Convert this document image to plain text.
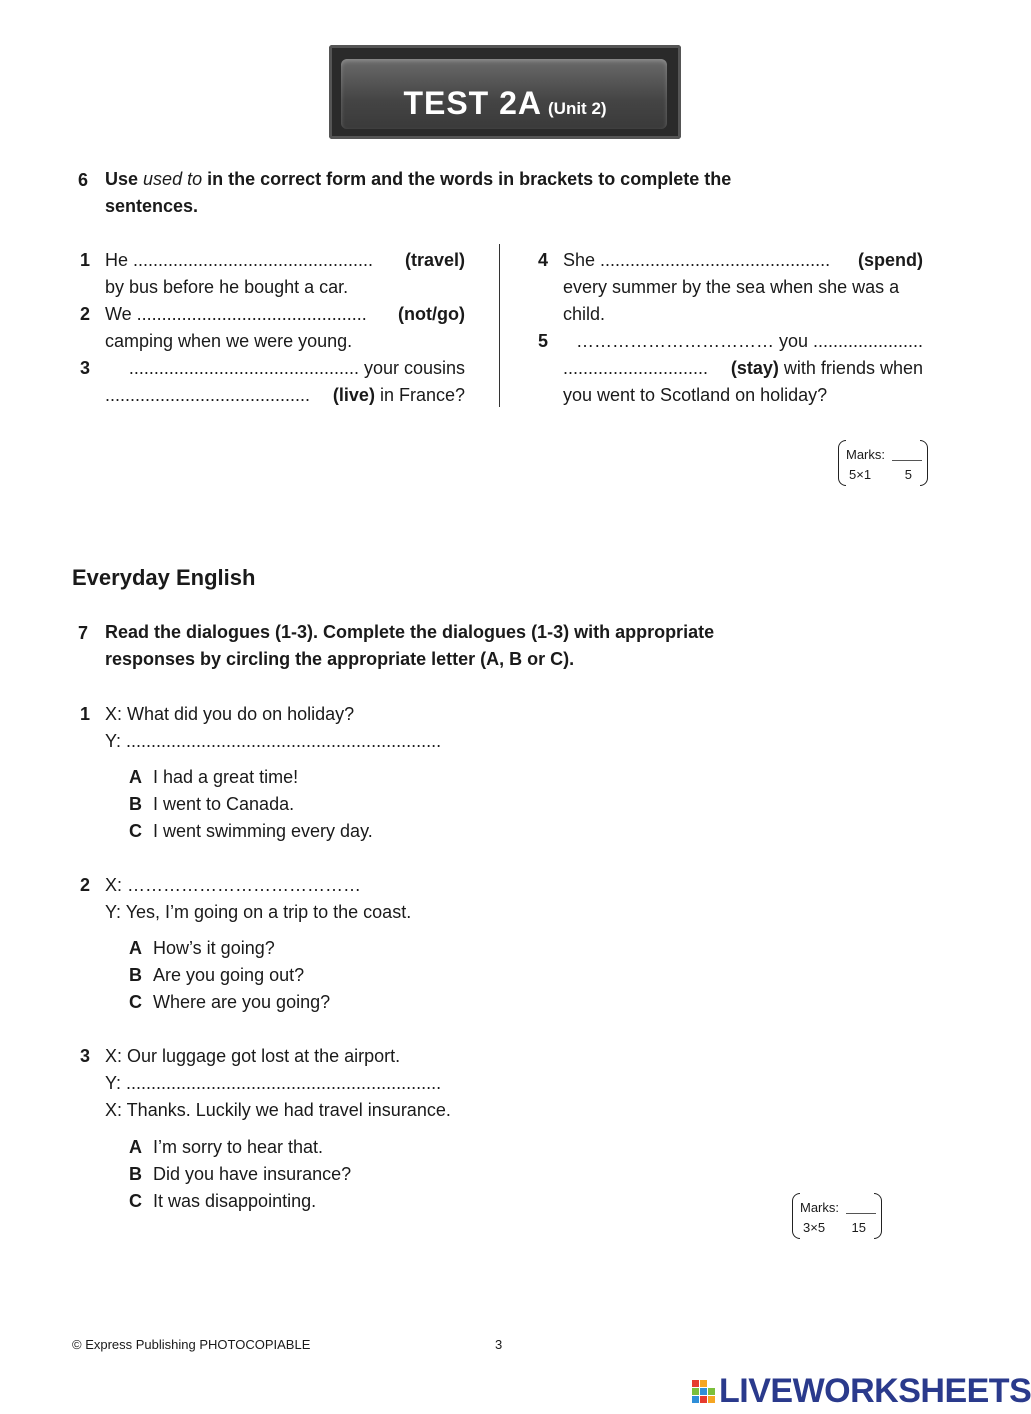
TEST 2A (Unit 2)
6 Use used to in the correct form and the words in brackets to complete the
sentences.
1 He ................................................ (travel)
by bus before he bought a car.
2 We .............................................. (not/go)
camping when we were young.
3	.............................................. your cousins
......................................... (live) in France?
4 She .............................................. (spend)
every summer by the sea when she was a
child.
5	…………………………… you ......................
............................. (stay) with friends when
you went to Scotland on holiday?
Marks:
5×1	5
Everyday English
7 Read the dialogues (1-3). Complete the dialogues (1-3) with appropriate
responses by circling the appropriate letter (A, B or C).
1 X: What did you do on holiday?
Y: ...............................................................
A I had a great time!
B I went to Canada.
C I went swimming every day.
2 X: …………………………………
Y: Yes, I’m going on a trip to the coast.
A How’s it going?
B Are you going out?
C Where are you going?
3 X: Our luggage got lost at the airport.
Y: ...............................................................
X: Thanks. Luckily we had travel insurance.
A I’m sorry to hear that.
B Did you have insurance?
C It was disappointing.	Marks:
3×5 15
© Express Publishing PHOTOCOPIABLE	3
LIVEWORKSHEETS
